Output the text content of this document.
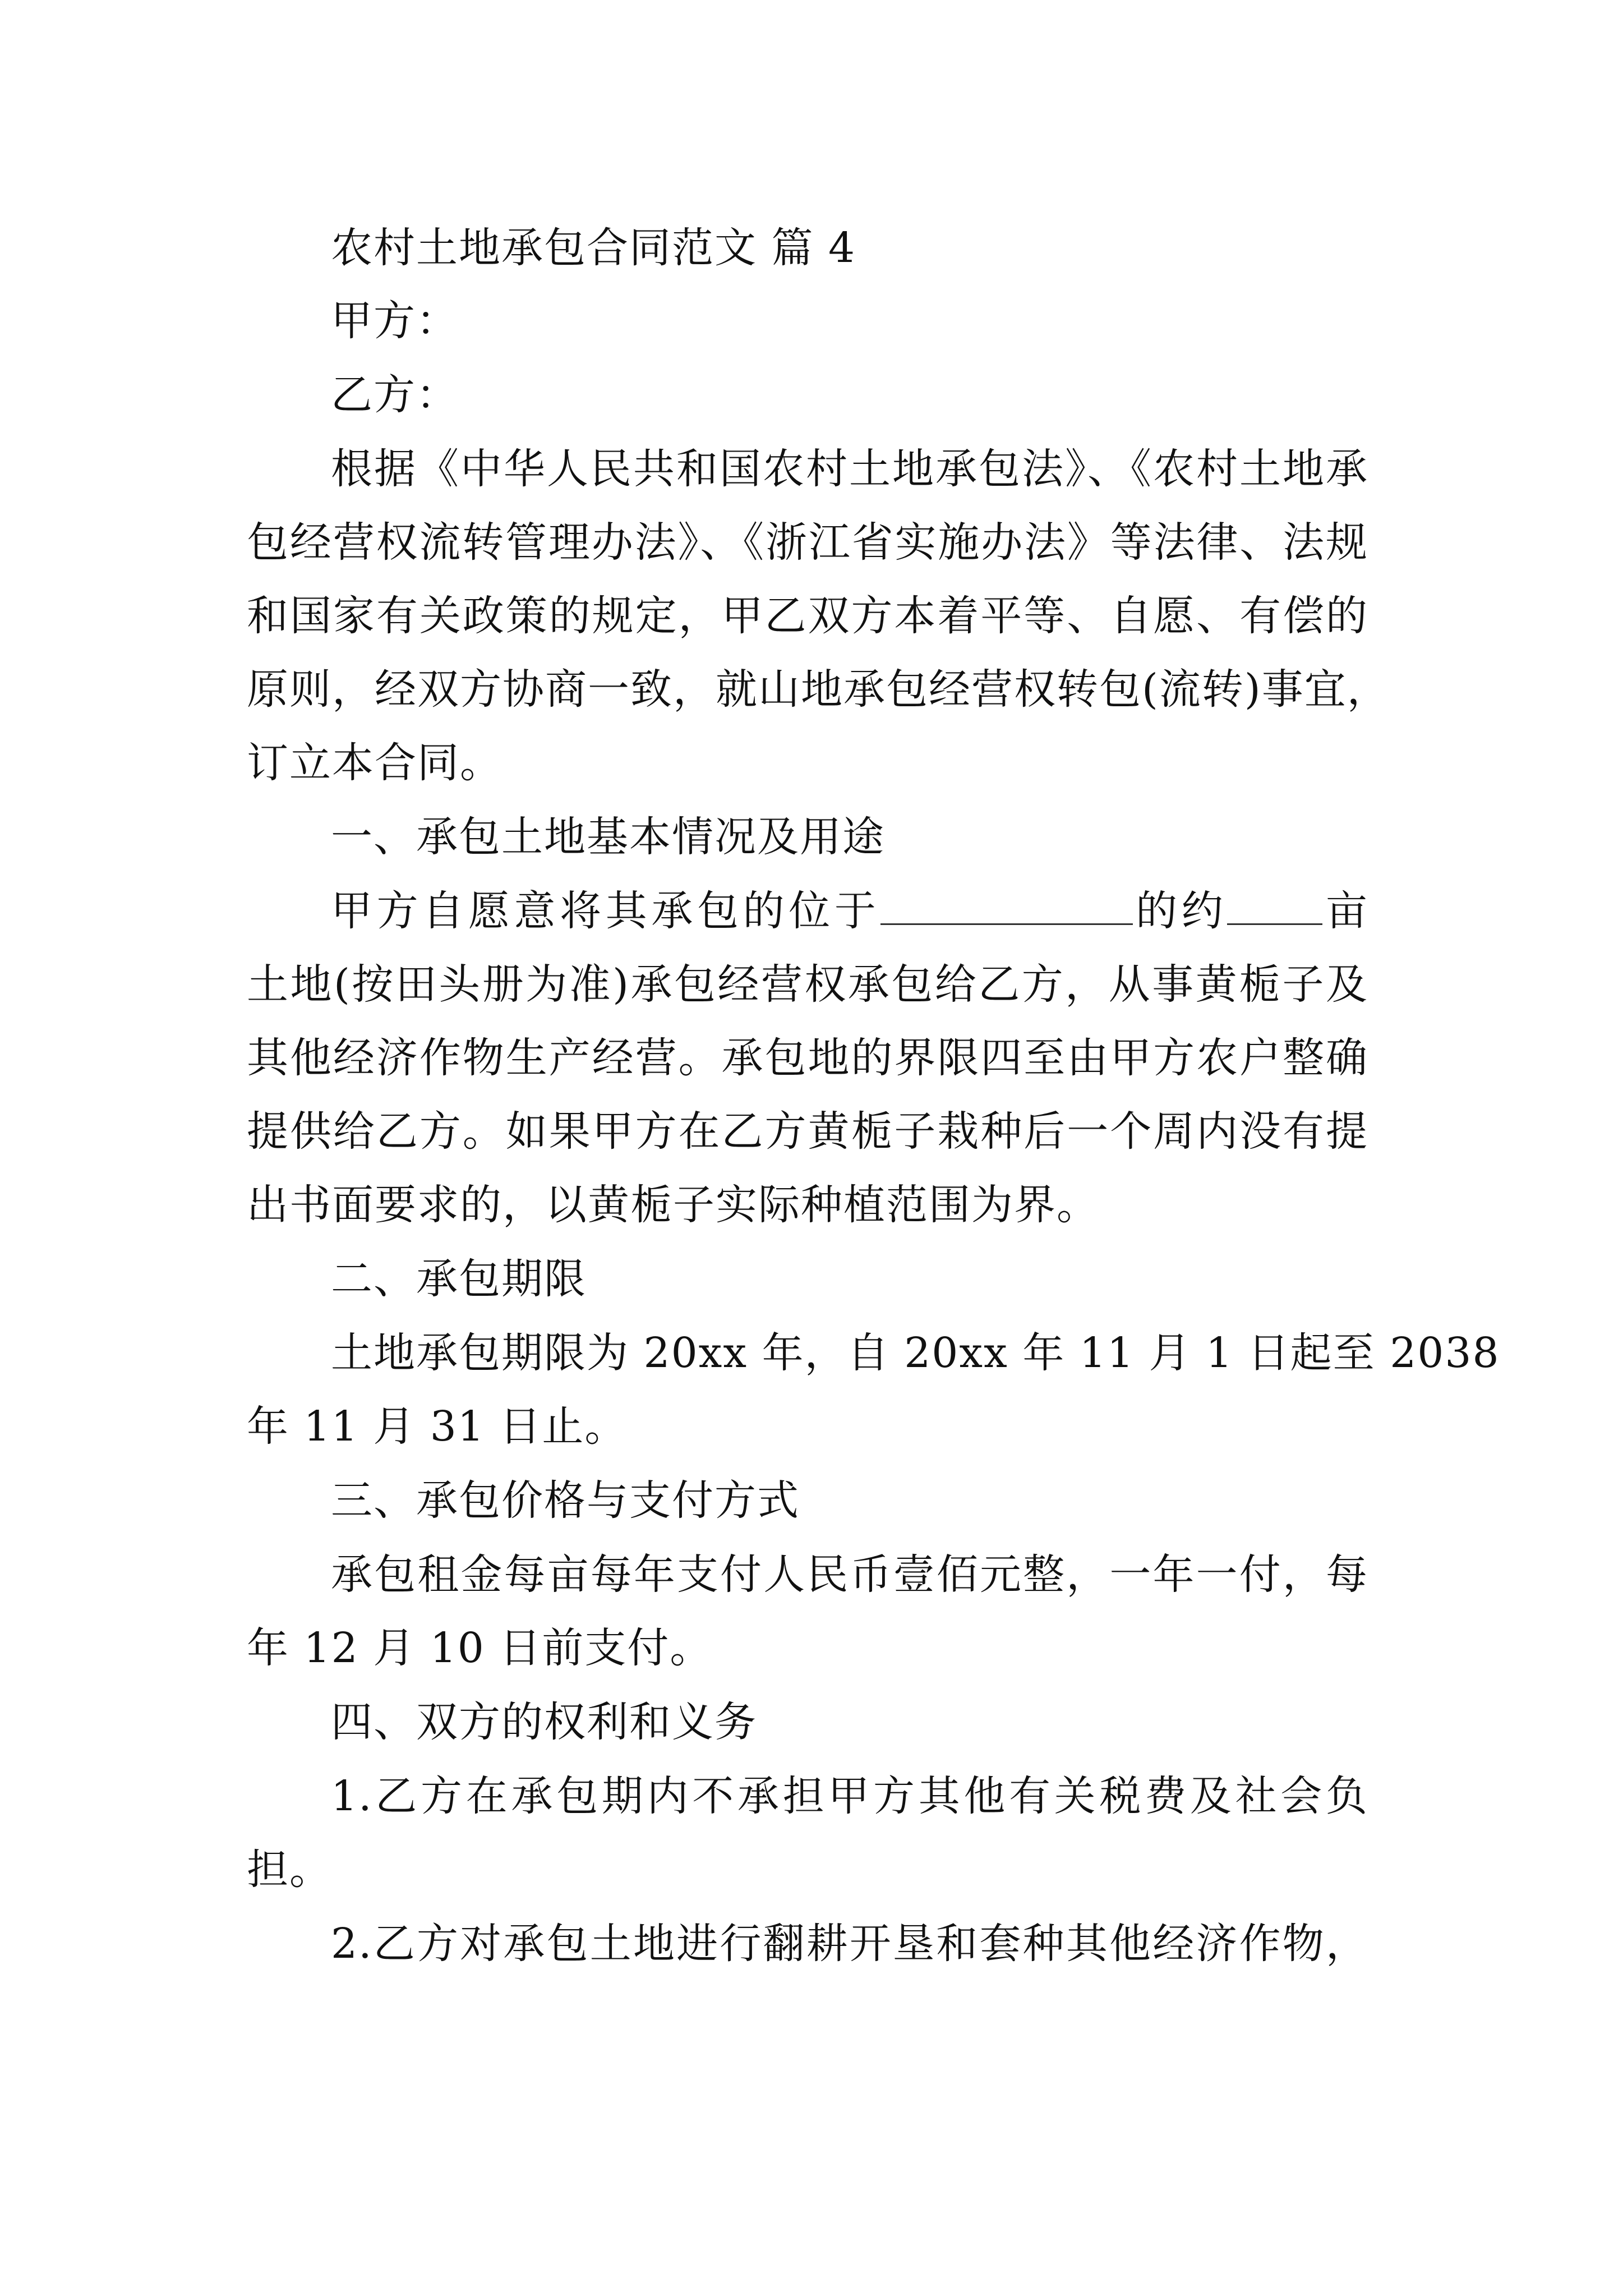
农村土地承包合同范文 篇 4
甲方：
乙方：
根据《中华人民共和国农村土地承包法》、《农村土地承
包经营权流转管理办法》、《浙江省实施办法》等法律、法规
和国家有关政策的规定，甲乙双方本着平等、自愿、有偿的
原则，经双方协商一致，就山地承包经营权转包(流转)事宜，
订立本合同。
一、承包土地基本情况及用途
甲方自愿意将其承包的位于	的约 亩
土地(按田头册为准)承包经营权承包给乙方，从事黄栀子及
其他经济作物生产经营。承包地的界限四至由甲方农户整确
提供给乙方。如果甲方在乙方黄栀子栽种后一个周内没有提
出书面要求的，以黄栀子实际种植范围为界。
二、承包期限
土地承包期限为 20xx 年，自 20xx 年 11 月 1 日起至 2038
年 11 月 31 日止。
三、承包价格与支付方式
承包租金每亩每年支付人民币壹佰元整，一年一付，每
年 12 月 10 日前支付。
四、双方的权利和义务
1.乙方在承包期内不承担甲方其他有关税费及社会负
担。
2.乙方对承包土地进行翻耕开垦和套种其他经济作物，
